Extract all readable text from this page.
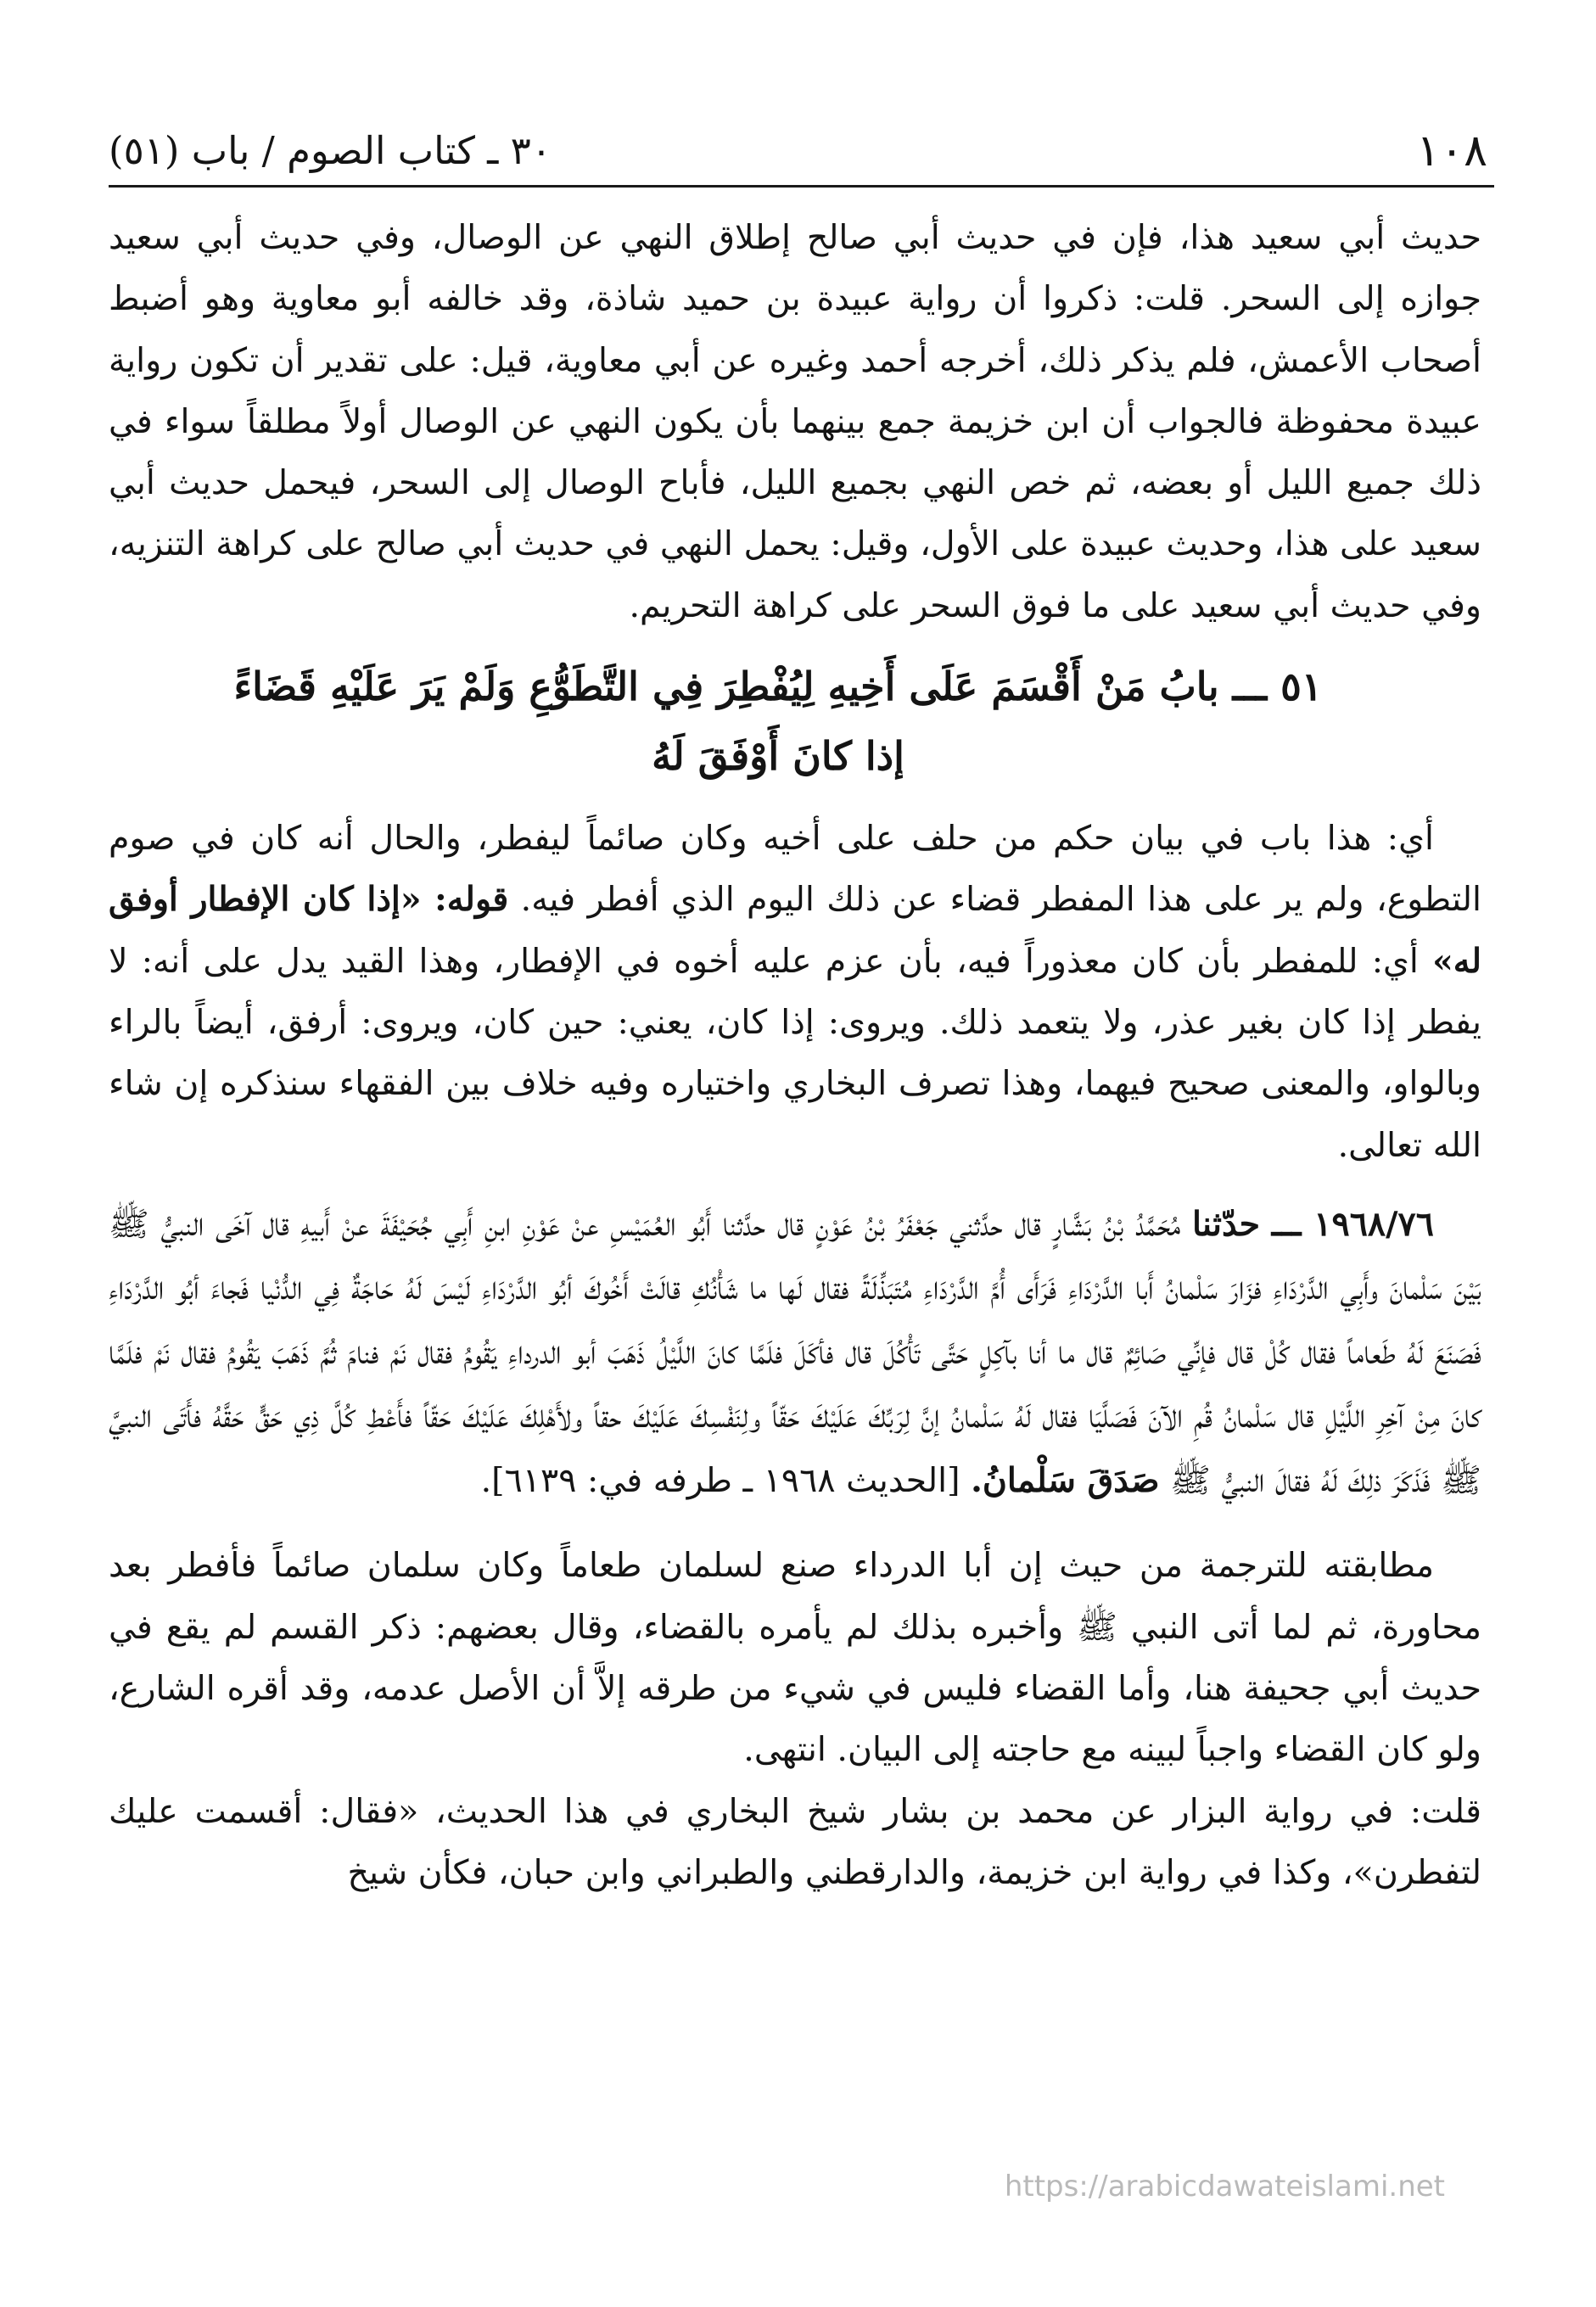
٣٠ ـ كتاب الصوم / باب (٥١)	١٠٨

حديث أبي سعيد هذا، فإن في حديث أبي صالح إطلاق النهي عن الوصال، وفي حديث أبي سعيد جوازه إلى السحر. قلت: ذكروا أن رواية عبيدة بن حميد شاذة، وقد خالفه أبو معاوية وهو أضبط أصحاب الأعمش، فلم يذكر ذلك، أخرجه أحمد وغيره عن أبي معاوية، قيل: على تقدير أن تكون رواية عبيدة محفوظة فالجواب أن ابن خزيمة جمع بينهما بأن يكون النهي عن الوصال أولاً مطلقاً سواء في ذلك جميع الليل أو بعضه، ثم خص النهي بجميع الليل، فأباح الوصال إلى السحر، فيحمل حديث أبي سعيد على هذا، وحديث عبيدة على الأول، وقيل: يحمل النهي في حديث أبي صالح على كراهة التنزيه، وفي حديث أبي سعيد على ما فوق السحر على كراهة التحريم.

٥١ ـــ بابُ مَنْ أَقْسَمَ عَلَى أَخِيهِ لِيُفْطِرَ فِي التَّطَوُّعِ وَلَمْ يَرَ عَلَيْهِ قَضَاءً
إذا كانَ أَوْفَقَ لَهُ

أي: هذا باب في بيان حكم من حلف على أخيه وكان صائماً ليفطر، والحال أنه كان في صوم التطوع، ولم ير على هذا المفطر قضاء عن ذلك اليوم الذي أفطر فيه. قوله: «إذا كان الإفطار أوفق له» أي: للمفطر بأن كان معذوراً فيه، بأن عزم عليه أخوه في الإفطار، وهذا القيد يدل على أنه: لا يفطر إذا كان بغير عذر، ولا يتعمد ذلك. ويروى: إذا كان، يعني: حين كان، ويروى: أرفق، أيضاً بالراء وبالواو، والمعنى صحيح فيهما، وهذا تصرف البخاري واختياره وفيه خلاف بين الفقهاء سنذكره إن شاء الله تعالى.

١٩٦٨/٧٦ ـــ حدّثنا مُحَمَّدُ بْنُ بَشَّارٍ قال حدَّثني جَعْفَرُ بْنُ عَوْنٍ قال حدَّثنا أَبُو العُمَيْسِ عنْ عَوْنِ ابنِ أَبِي جُحَيْفَةَ عنْ أَبيهِ قال آخَى النبيُّ ﷺ بَيْنَ سَلْمانَ وأَبِي الدَّرْدَاءِ فزَارَ سَلْمانُ أَبا الدَّرْدَاءِ فَرَأَى أُمَّ الدَّرْدَاءِ مُتَبَذِّلَةً فقال لَها ما شَأْنُكِ قالَتْ أَخُوكَ أبُو الدَّرْدَاءِ لَيْسَ لَهُ حَاجَةٌ فِي الدُّنْيا فَجاءَ أبُو الدَّرْدَاءِ فَصَنَعَ لَهُ طَعاماً فقال كُلْ قال فإنِّي صَائِمٌ قال ما أنا بآكِلٍ حَتَّى تَأْكُلَ قال فأكَلَ فلَمَّا كانَ اللَّيْلُ ذَهَبَ أبو الدرداءِ يَقُومُ فقال نَمْ فنامَ ثُمَّ ذَهَبَ يَقُومُ فقال نَمْ فلَمَّا كانَ مِنْ آخِرِ اللَّيْلِ قال سَلْمانُ قُمِ الآنَ فَصَلَّيَا فقال لَهُ سَلْمانُ إنَّ لِرَبِّكَ عَلَيْكَ حَقّاً ولِنَفْسِكَ عَلَيْكَ حقاً ولأَهْلِكَ عَلَيْكَ حَقّاً فأَعْطِ كُلَّ ذِي حَقٍّ حَقَّهُ فأَتَى النبيَّ ﷺ فَذَكَرَ ذلِكَ لَهُ فقالَ النبيُّ ﷺ صَدَقَ سَلْمانُ. [الحديث ١٩٦٨ ـ طرفه في: ٦١٣٩].

مطابقته للترجمة من حيث إن أبا الدرداء صنع لسلمان طعاماً وكان سلمان صائماً فأفطر بعد محاورة، ثم لما أتى النبي ﷺ وأخبره بذلك لم يأمره بالقضاء، وقال بعضهم: ذكر القسم لم يقع في حديث أبي جحيفة هنا، وأما القضاء فليس في شيء من طرقه إلاَّ أن الأصل عدمه، وقد أقره الشارع، ولو كان القضاء واجباً لبينه مع حاجته إلى البيان. انتهى.

قلت: في رواية البزار عن محمد بن بشار شيخ البخاري في هذا الحديث، «فقال: أقسمت عليك لتفطرن»، وكذا في رواية ابن خزيمة، والدارقطني والطبراني وابن حبان، فكأن شيخ

https://arabicdawateislami.net
